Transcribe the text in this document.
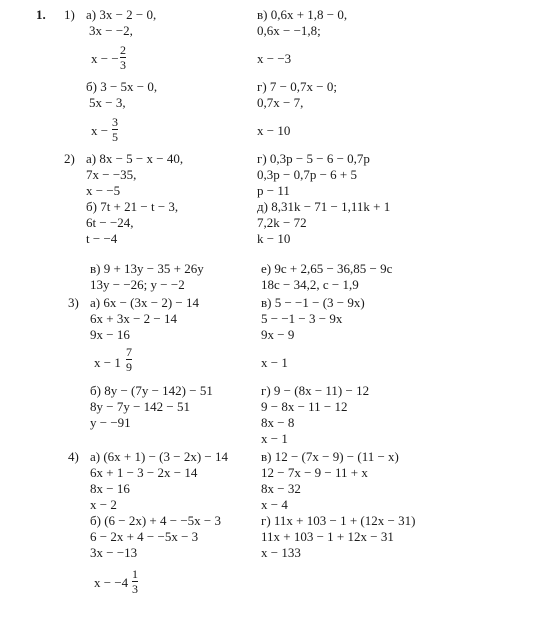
1. 1)
2)
3)
4)
а) 3x − 2 − 0,
3x − −2,
x − −
2
3
б) 3 − 5x − 0,
5x − 3,
x −
3
5
в) 0,6x + 1,8 − 0,
0,6x − −1,8;
x − −3
г) 7 − 0,7x − 0;
0,7x − 7,
x − 10
а) 8x − 5 − x − 40,
7x − −35,
x − −5
б) 7t + 21 − t − 3,
6t − −24,
t − −4
в) 9 + 13y − 35 + 26y
13y − −26; y − −2
г) 0,3p − 5 − 6 − 0,7p
0,3p − 0,7p − 6 + 5
p − 11
д) 8,31k − 71 − 1,11k + 1
7,2k − 72
k − 10
е) 9c + 2,65 − 36,85 − 9c
18c − 34,2, c − 1,9
а) 6x − (3x − 2) − 14
6x + 3x − 2 − 14
9x − 16
x − 1
7
9
б) 8y − (7y − 142) − 51
8y − 7y − 142 − 51
y − −91
в) 5 − −1 − (3 − 9x)
5 − −1 − 3 − 9x
9x − 9
x − 1
г) 9 − (8x − 11) − 12
9 − 8x − 11 − 12
8x − 8
x − 1
а) (6x + 1) − (3 − 2x) − 14
6x + 1 − 3 − 2x − 14
8x − 16
x − 2
б) (6 − 2x) + 4 − −5x − 3
6 − 2x + 4 − −5x − 3
3x − −13
x − −4
1
3
в) 12 − (7x − 9) − (11 − x)
12 − 7x − 9 − 11 + x
8x − 32
x − 4
г) 11x + 103 − 1 + (12x − 31)
11x + 103 − 1 + 12x − 31
x − 133
